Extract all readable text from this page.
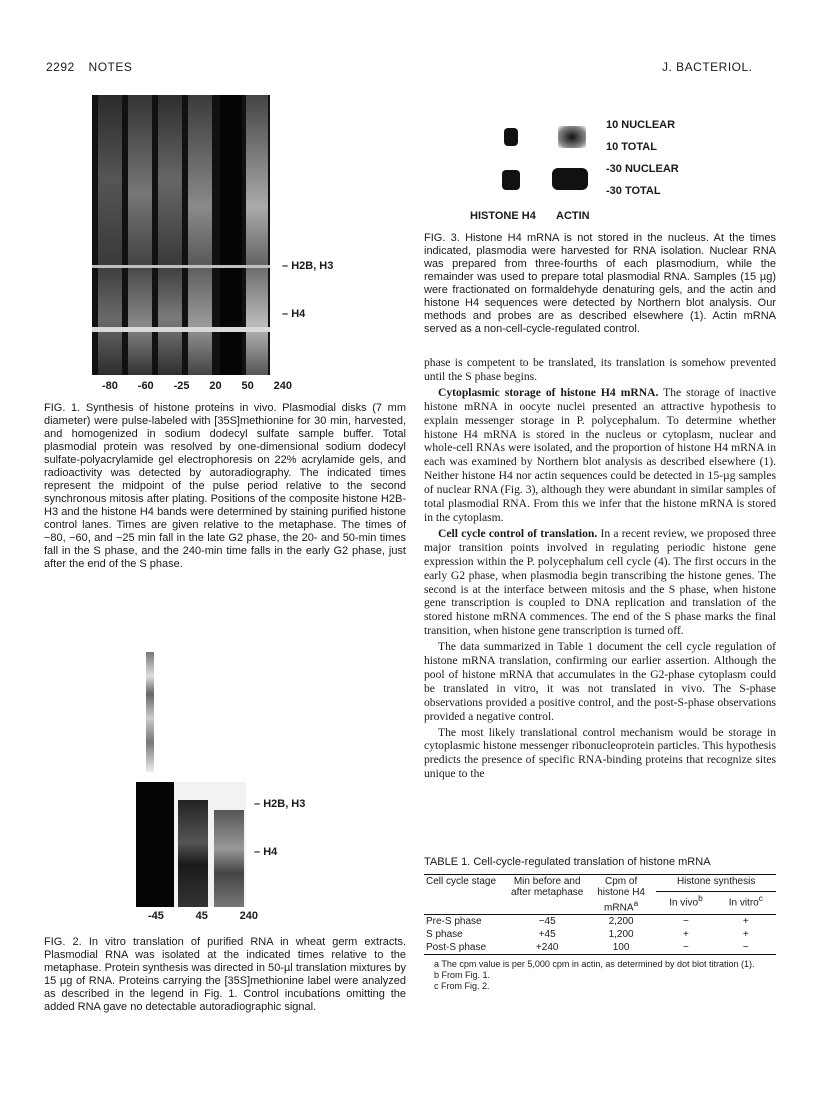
2292 NOTES	J. BACTERIOL.
– H2B, H3
– H4
-80 -60 -25 20 50 240

FIG. 1. Synthesis of histone proteins in vivo. Plasmodial disks (7 mm diameter) were pulse-labeled with [35S]methionine for 30 min, harvested, and homogenized in sodium dodecyl sulfate sample buffer. Total plasmodial protein was resolved by one-dimensional sodium dodecyl sulfate-polyacrylamide gel electrophoresis on 22% acrylamide gels, and radioactivity was detected by autoradiography. The indicated times represent the midpoint of the pulse period relative to the second synchronous mitosis after plating. Positions of the composite histone H2B-H3 and the histone H4 bands were determined by staining purified histone control lanes. Times are given relative to the metaphase. The times of −80, −60, and −25 min fall in the late G2 phase, the 20- and 50-min times fall in the S phase, and the 240-min time falls in the early G2 phase, just after the end of the S phase.

– H2B, H3
– H4
-45	45	240

FIG. 2. In vitro translation of purified RNA in wheat germ extracts. Plasmodial RNA was isolated at the indicated times relative to the metaphase. Protein synthesis was directed in 50-µl translation mixtures by 15 µg of RNA. Proteins carrying the [35S]methionine label were analyzed as described in the legend in Fig. 1. Control incubations omitting the added RNA gave no detectable autoradiographic signal.

10 NUCLEAR
10 TOTAL
-30 NUCLEAR
-30 TOTAL
HISTONE H4 ACTIN

FIG. 3. Histone H4 mRNA is not stored in the nucleus. At the times indicated, plasmodia were harvested for RNA isolation. Nuclear RNA was prepared from three-fourths of each plasmodium, while the remainder was used to prepare total plasmodial RNA. Samples (15 µg) were fractionated on formaldehyde denaturing gels, and the actin and histone H4 sequences were detected by Northern blot analysis. Our methods and probes are as described elsewhere (1). Actin mRNA served as a non-cell-cycle-regulated control.

phase is competent to be translated, its translation is somehow prevented until the S phase begins.

Cytoplasmic storage of histone H4 mRNA. The storage of inactive histone mRNA in oocyte nuclei presented an attractive hypothesis to explain messenger storage in P. polycephalum. To determine whether histone H4 mRNA is stored in the nucleus or cytoplasm, nuclear and whole-cell RNAs were isolated, and the proportion of histone H4 mRNA in each was examined by Northern blot analysis as described elsewhere (1). Neither histone H4 nor actin sequences could be detected in 15-µg samples of nuclear RNA (Fig. 3), although they were abundant in similar samples of total plasmodial RNA. From this we infer that the histone mRNA is stored in the cytoplasm.

Cell cycle control of translation. In a recent review, we proposed three major transition points involved in regulating periodic histone gene expression within the P. polycephalum cell cycle (4). The first occurs in the early G2 phase, when plasmodia begin transcribing the histone genes. The second is at the interface between mitosis and the S phase, when histone gene transcription is coupled to DNA replication and translation of the stored histone mRNA commences. The end of the S phase marks the final transition, when histone gene transcription is turned off.

The data summarized in Table 1 document the cell cycle regulation of histone mRNA translation, confirming our earlier assertion. Although the pool of histone mRNA that accumulates in the G2-phase cytoplasm could be translated in vitro, it was not translated in vivo. The S-phase observations provided a positive control, and the post-S-phase observations provided a negative control.

The most likely translational control mechanism would be storage in cytoplasmic histone messenger ribonucleoprotein particles. This hypothesis predicts the presence of specific RNA-binding proteins that recognize sites unique to the

TABLE 1. Cell-cycle-regulated translation of histone mRNA
Cell cycle stage	Min before and after metaphase	Cpm of histone H4 mRNA$^a$	Histone synthesis	
			In vivo$^b$	In vitro$^c$
Pre-S phase	−45	2,200	−	+
S phase	+45	1,200	+	+
Post-S phase	+240	100	−	−

a The cpm value is per 5,000 cpm in actin, as determined by dot blot titration (1).

b From Fig. 1.

c From Fig. 2.
